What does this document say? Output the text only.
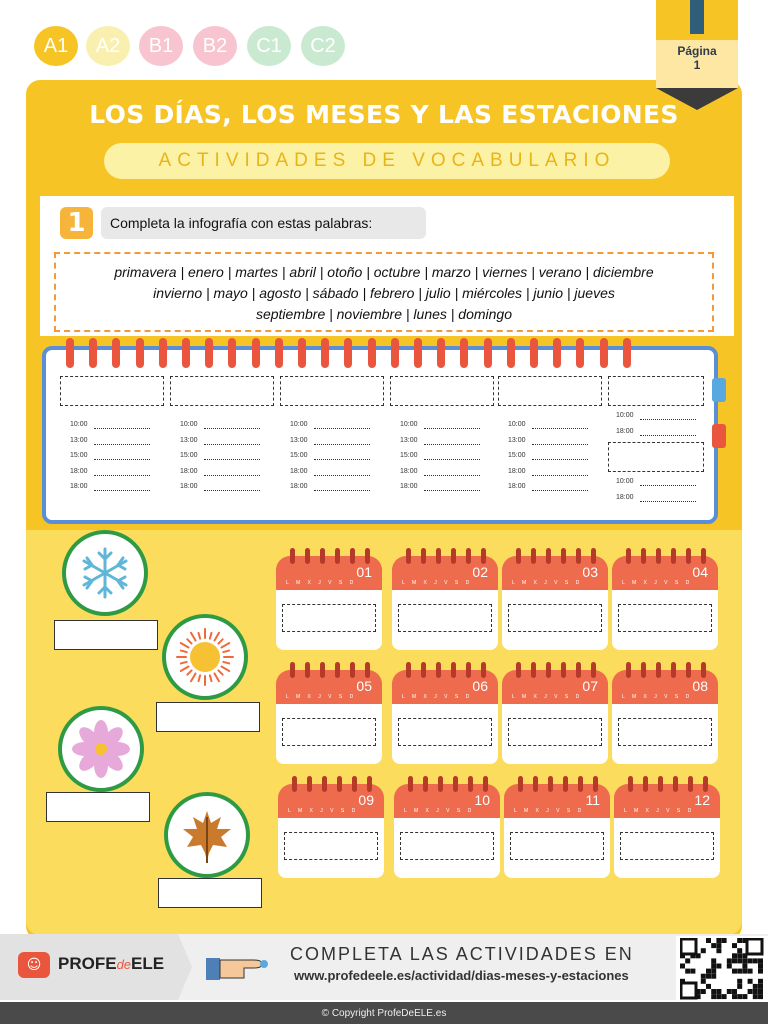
A1 A2 B1 B2 C1 C2	Página
1
LOS DÍAS, LOS MESES Y LAS ESTACIONES
ACTIVIDADES DE VOCABULARIO
1	Completa la infografía con estas palabras:
primavera | enero | martes | abril | otoño | octubre | marzo | viernes | verano | diciembre
invierno | mayo | agosto | sábado | febrero | julio | miércoles | junio | jueves
septiembre | noviembre | lunes | domingo
10:00
13:00
15:00
18:00
18:00
10:00
13:00
15:00
18:00
18:00
10:00
13:00
15:00
18:00
18:00
10:00
13:00
15:00
18:00
18:00
10:00
13:00
15:00
18:00
18:00
10:00
18:00
10:00
18:00
01
L M X J V S D
02
L M X J V S D
03
L M X J V S D
04
L M X J V S D
05
L M X J V S D
06
L M X J V S D
07
L M X J V S D
08
L M X J V S D
09
L M X J V S D
10
L M X J V S D
11
L M X J V S D
12
L M X J V S D
☺ PROFEdeELE	COMPLETA LAS ACTIVIDADES EN
www.profedeele.es/actividad/dias-meses-y-estaciones
© Copyright ProfeDeELE.es
